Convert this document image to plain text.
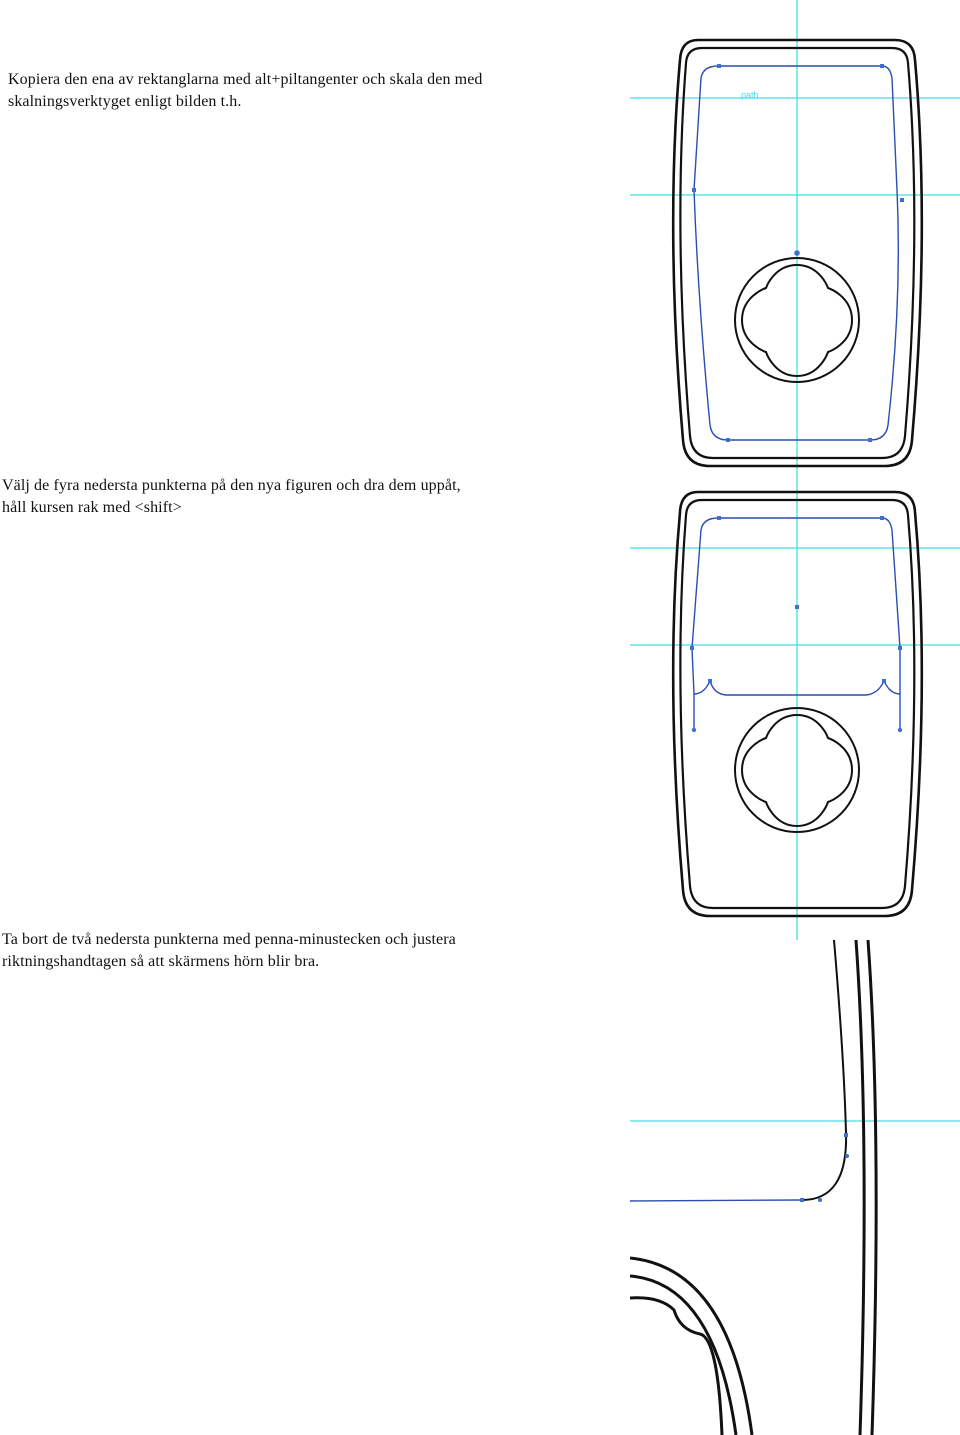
Kopiera den ena av rektanglarna med alt+piltangenter och skala den med
skalningsverktyget enligt bilden t.h.

Välj de fyra nedersta punkterna på den nya figuren och dra dem uppåt,
håll kursen rak med <shift>

Ta bort de två nedersta punkterna med penna-minustecken och justera
riktningshandtagen så att skärmens hörn blir bra.

path
